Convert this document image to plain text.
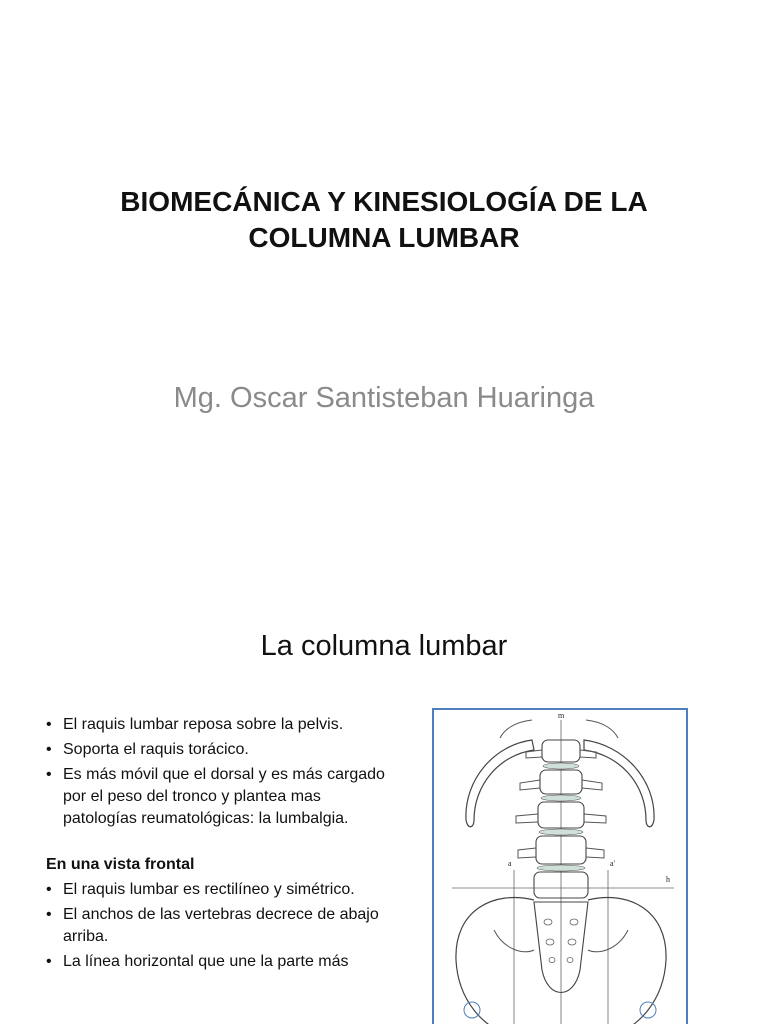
BIOMECÁNICA Y KINESIOLOGÍA DE LA
COLUMNA LUMBAR
Mg. Oscar Santisteban Huaringa
La columna lumbar
• El raquis lumbar reposa sobre la pelvis.
• Soporta el raquis torácico.
• Es más móvil que el dorsal y es más cargado por el peso del tronco y plantea mas patologías reumatológicas: la lumbalgia.
En una vista frontal
• El raquis lumbar es rectilíneo y simétrico.
• El anchos de las vertebras decrece de abajo arriba.
• La línea horizontal que une la parte más
m
a	a'
h
